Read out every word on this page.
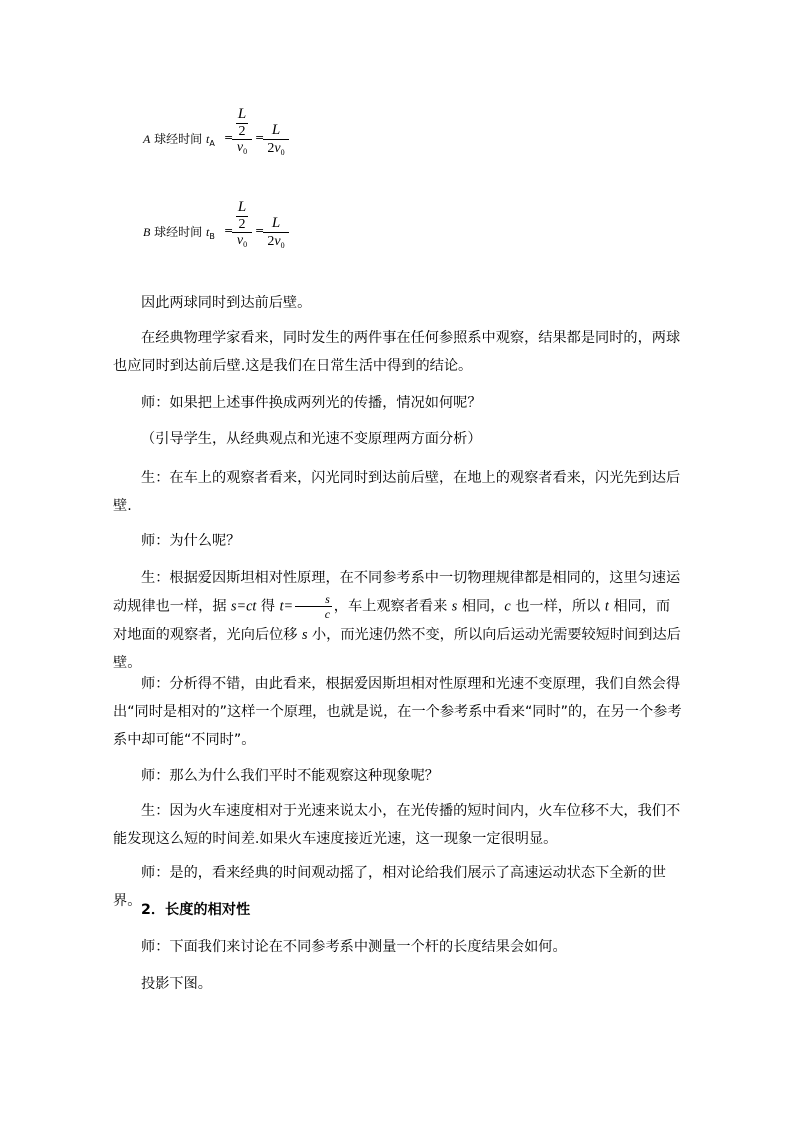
A 球经时间 $t_A$ =
L
2
$v_0$
= L
$2v_0$
B 球经时间 $t_B$ =
L
2
$v_0$
= L
$2v_0$
因此两球同时到达前后壁。
在经典物理学家看来，同时发生的两件事在任何参照系中观察，结果都是同时的，两球也应同时到达前后壁.这是我们在日常生活中得到的结论。
师：如果把上述事件换成两列光的传播，情况如何呢？
（引导学生，从经典观点和光速不变原理两方面分析）
生：在车上的观察者看来，闪光同时到达前后壁，在地上的观察者看来，闪光先到达后壁.
师：为什么呢？
生：根据爱因斯坦相对性原理，在不同参考系中一切物理规律都是相同的，这里匀速运动规律也一样，据 s=ct 得 $t= \frac{s}{c}$ ，车上观察者看来 s 相同，c 也一样，所以 t 相同，而对地面的观察者，光向后位移 s 小，而光速仍然不变，所以向后运动光需要较短时间到达后壁。
师：分析得不错，由此看来，根据爱因斯坦相对性原理和光速不变原理，我们自然会得出“同时是相对的”这样一个原理，也就是说，在一个参考系中看来“同时”的，在另一个参考系中却可能“不同时”。
师：那么为什么我们平时不能观察这种现象呢？
生：因为火车速度相对于光速来说太小，在光传播的短时间内，火车位移不大，我们不能发现这么短的时间差.如果火车速度接近光速，这一现象一定很明显。
师：是的，看来经典的时间观动摇了，相对论给我们展示了高速运动状态下全新的世界。
2．长度的相对性
师：下面我们来讨论在不同参考系中测量一个杆的长度结果会如何。
投影下图。
